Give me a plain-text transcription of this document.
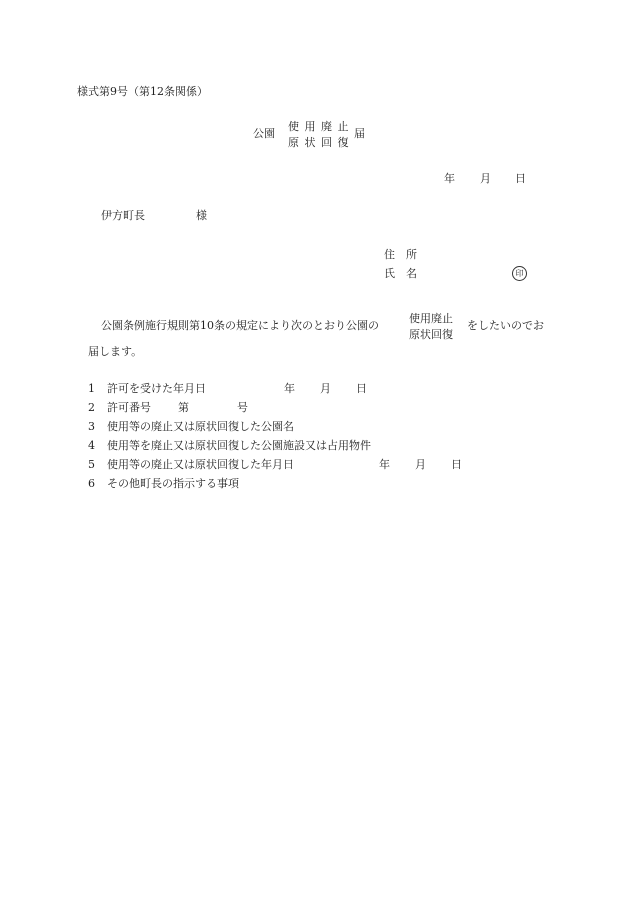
様式第9号（第12条関係）
公園
使 用 廃 止
原 状 回 復
届
年 月 日
伊方町長	様
住　所
氏　名	印
公園条例施行規則第10条の規定により次のとおり公園の
使用廃止
原状回復
をしたいのでお
届します。
1 許可を受けた年月日	年 月 日
2 許可番号 第	号
3 使用等の廃止又は原状回復した公園名
4 使用等を廃止又は原状回復した公園施設又は占用物件
5 使用等の廃止又は原状回復した年月日	年 月 日
6 その他町長の指示する事項
